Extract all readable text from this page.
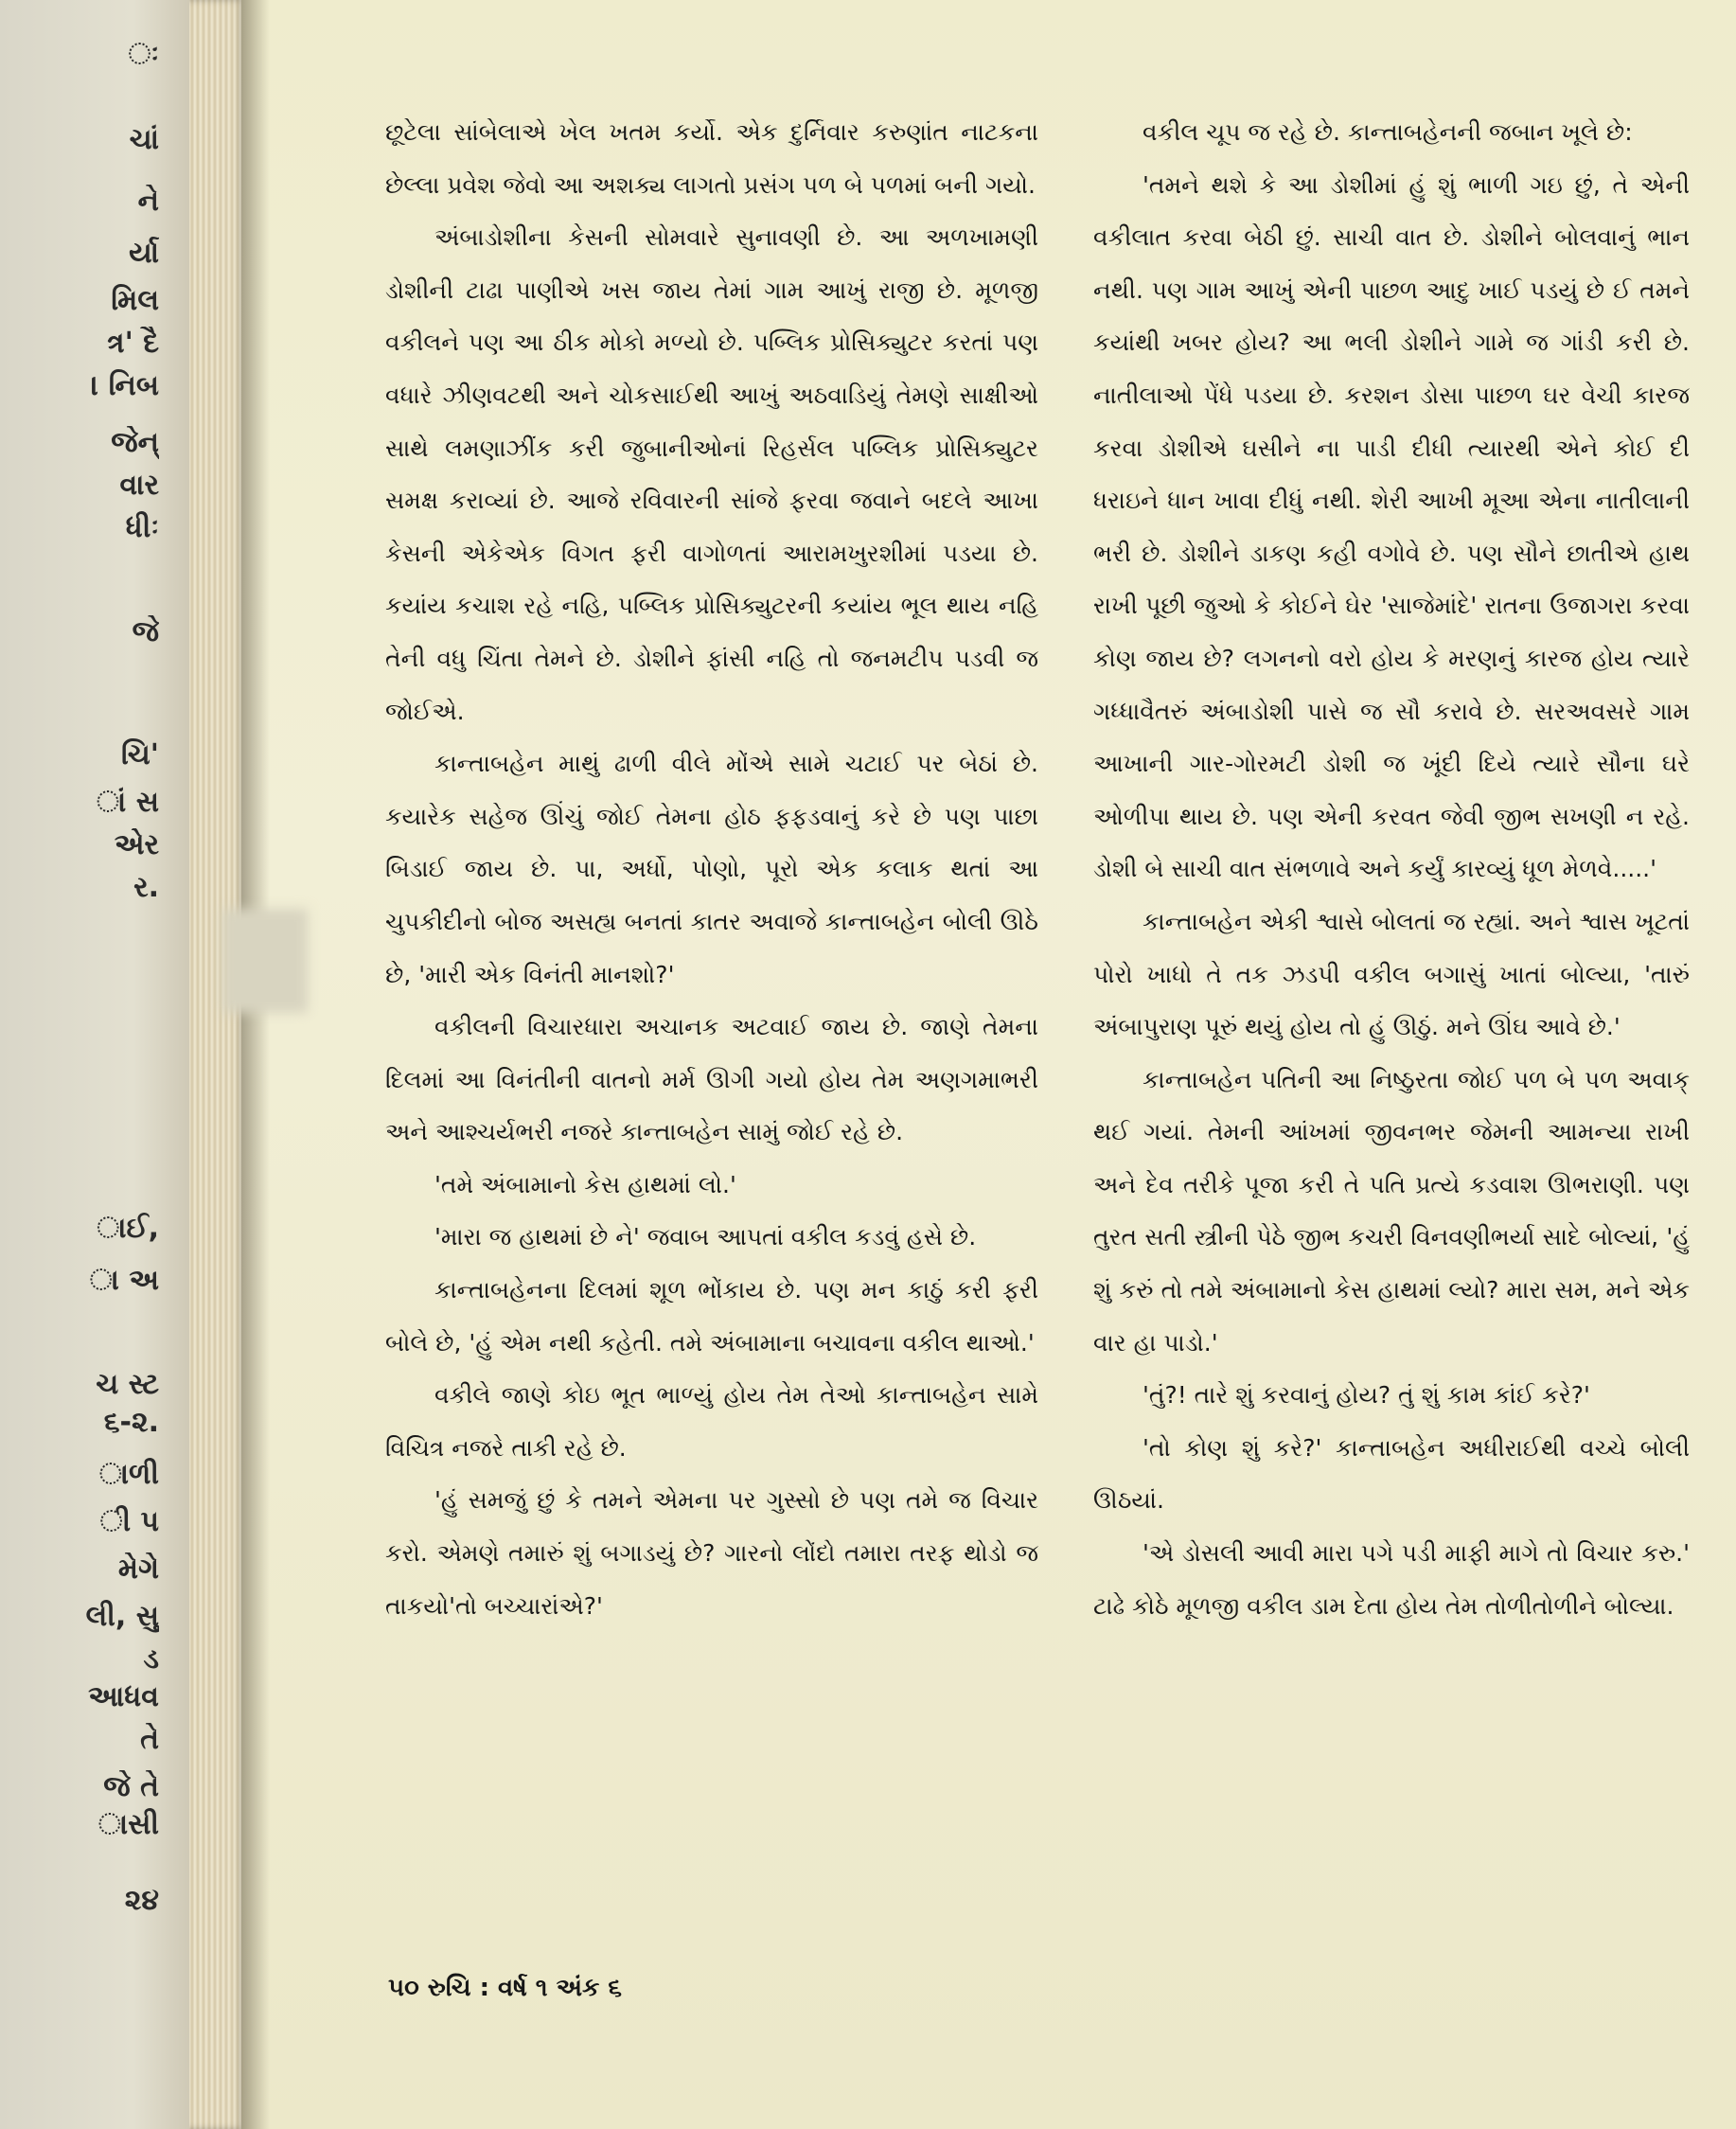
ઃ
ચાં
ને
ર્યા
મિલ
ત્ર' દૈ
। નિબ
જેન્
વાર
ધીઃ
જે
ચિ'
ાં સ
એર
ર.
ાઈ,
ા અ
ચ સ્ટ
૬-૨.
ાળી
ી પ
મેગે
લી, સુ
ડ
આધવ
તે
જે તે
ાસી
૨૪

છૂટેલા સાંબેલાએ ખેલ ખતમ કર્યો. એક દુર્નિવાર કરુણાંત નાટકના છેલ્લા પ્રવેશ જેવો આ અશક્ય લાગતો પ્રસંગ પળ બે પળમાં બની ગયો.

અંબાડોશીના કેસની સોમવારે સુનાવણી છે. આ અળખામણી ડોશીની ટાઢા પાણીએ ખસ જાય તેમાં ગામ આખું રાજી છે. મૂળજી વકીલને પણ આ ઠીક મોકો મળ્યો છે. પબ્લિક પ્રોસિક્યુટર કરતાં પણ વધારે ઝીણવટથી અને ચોકસાઈથી આખું અઠવાડિયું તેમણે સાક્ષીઓ સાથે લમણાઝીંક કરી જુબાનીઓનાં રિહર્સલ પબ્લિક પ્રોસિક્યુટર સમક્ષ કરાવ્યાં છે. આજે રવિવારની સાંજે ફરવા જવાને બદલે આખા કેસની એકેએક વિગત ફરી વાગોળતાં આરામખુરશીમાં પડયા છે. કયાંય કચાશ રહે નહિ, પબ્લિક પ્રોસિક્યુટરની કયાંય ભૂલ થાય નહિ તેની વધુ ચિંતા તેમને છે. ડોશીને ફાંસી નહિ તો જનમટીપ પડવી જ જોઈએ.

કાન્તાબહેન માથું ઢાળી વીલે મોંએ સામે ચટાઈ પર બેઠાં છે. કયારેક સહેજ ઊંચું જોઈ તેમના હોઠ ફફડવાનું કરે છે પણ પાછા બિડાઈ જાય છે. પા, અર્ધો, પોણો, પૂરો એક કલાક થતાં આ ચુપકીદીનો બોજ અસહ્ય બનતાં કાતર અવાજે કાન્તાબહેન બોલી ઊઠે છે, 'મારી એક વિનંતી માનશો?'

વકીલની વિચારધારા અચાનક અટવાઈ જાય છે. જાણે તેમના દિલમાં આ વિનંતીની વાતનો મર્મ ઊગી ગયો હોય તેમ અણગમાભરી અને આશ્ચર્યભરી નજરે કાન્તાબહેન સામું જોઈ રહે છે.

'તમે અંબામાનો કેસ હાથમાં લો.'

'મારા જ હાથમાં છે ને' જવાબ આપતાં વકીલ કડવું હસે છે.

કાન્તાબહેનના દિલમાં શૂળ ભોંકાય છે. પણ મન કાઠું કરી ફરી બોલે છે, 'હું એમ નથી કહેતી. તમે અંબામાના બચાવના વકીલ થાઓ.'

વકીલે જાણે કોઇ ભૂત ભાળ્યું હોય તેમ તેઓ કાન્તાબહેન સામે વિચિત્ર નજરે તાકી રહે છે.

'હું સમજું છું કે તમને એમના પર ગુસ્સો છે પણ તમે જ વિચાર કરો. એમણે તમારું શું બગાડયું છે? ગારનો લોંદો તમારા તરફ થોડો જ તાકયો'તો બચ્ચારાંએ?'

વકીલ ચૂપ જ રહે છે. કાન્તાબહેનની જબાન ખૂલે છે:

'તમને થશે કે આ ડોશીમાં હું શું ભાળી ગઇ છું, તે એની વકીલાત કરવા બેઠી છું. સાચી વાત છે. ડોશીને બોલવાનું ભાન નથી. પણ ગામ આખું એની પાછળ આદુ ખાઈ પડયું છે ઈ તમને કયાંથી ખબર હોય? આ ભલી ડોશીને ગામે જ ગાંડી કરી છે. નાતીલાઓ પેંધે પડયા છે. કરશન ડોસા પાછળ ઘર વેચી કારજ કરવા ડોશીએ ઘસીને ના પાડી દીધી ત્યારથી એને કોઈ દી ધરાઇને ધાન ખાવા દીધું નથી. શેરી આખી મૂઆ એના નાતીલાની ભરી છે. ડોશીને ડાકણ કહી વગોવે છે. પણ સૌને છાતીએ હાથ રાખી પૂછી જુઓ કે કોઈને ઘેર 'સાજેમાંદે' રાતના ઉજાગરા કરવા કોણ જાય છે? લગનનો વરો હોય કે મરણનું કારજ હોય ત્યારે ગધ્ધાવૈતરું અંબાડોશી પાસે જ સૌ કરાવે છે. સરઅવસરે ગામ આખાની ગાર-ગોરમટી ડોશી જ ખૂંદી દિયે ત્યારે સૌના ઘરે ઓળીપા થાય છે. પણ એની કરવત જેવી જીભ સખણી ન રહે. ડોશી બે સાચી વાત સંભળાવે અને કર્યું કારવ્યું ધૂળ મેળવે.....'

કાન્તાબહેન એકી શ્વાસે બોલતાં જ રહ્યાં. અને શ્વાસ ખૂટતાં પોરો ખાધો તે તક ઝડપી વકીલ બગાસું ખાતાં બોલ્યા, 'તારું અંબાપુરાણ પૂરું થયું હોય તો હું ઊઠું. મને ઊંઘ આવે છે.'

કાન્તાબહેન પતિની આ નિષ્ઠુરતા જોઈ પળ બે પળ અવાક્ થઈ ગયાં. તેમની આંખમાં જીવનભર જેમની આમન્યા રાખી અને દેવ તરીકે પૂજા કરી તે પતિ પ્રત્યે કડવાશ ઊભરાણી. પણ તુરત સતી સ્ત્રીની પેઠે જીભ કચરી વિનવણીભર્યા સાદે બોલ્યાં, 'હું શું કરું તો તમે અંબામાનો કેસ હાથમાં લ્યો? મારા સમ, મને એક વાર હા પાડો.'

'તું?! તારે શું કરવાનું હોય? તું શું કામ કાંઈ કરે?'

'તો કોણ શું કરે?' કાન્તાબહેન અધીરાઈથી વચ્ચે બોલી ઊઠયાં.

'એ ડોસલી આવી મારા પગે પડી માફી માગે તો વિચાર કરુ.' ટાઢે કોઠે મૂળજી વકીલ ડામ દેતા હોય તેમ તોળીતોળીને બોલ્યા.

૫૦ રુચિ : વર્ષ ૧ અંક ૬
